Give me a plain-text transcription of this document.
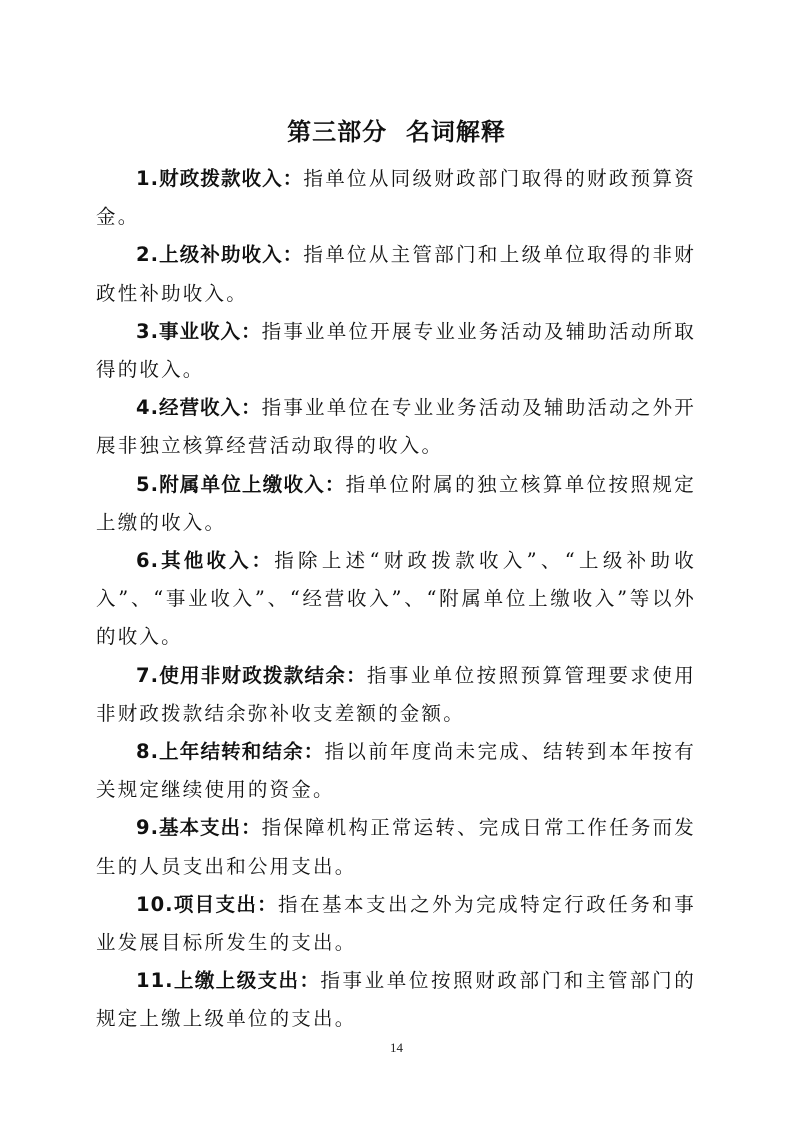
第三部分  名词解释

1.财政拨款收入：指单位从同级财政部门取得的财政预算资金。

2.上级补助收入：指单位从主管部门和上级单位取得的非财政性补助收入。

3.事业收入：指事业单位开展专业业务活动及辅助活动所取得的收入。

4.经营收入：指事业单位在专业业务活动及辅助活动之外开展非独立核算经营活动取得的收入。

5.附属单位上缴收入：指单位附属的独立核算单位按照规定上缴的收入。

6.其他收入：指除上述“财政拨款收入”、“上级补助收入”、“事业收入”、“经营收入”、“附属单位上缴收入”等以外的收入。

7.使用非财政拨款结余：指事业单位按照预算管理要求使用非财政拨款结余弥补收支差额的金额。

8.上年结转和结余：指以前年度尚未完成、结转到本年按有关规定继续使用的资金。

9.基本支出：指保障机构正常运转、完成日常工作任务而发生的人员支出和公用支出。

10.项目支出：指在基本支出之外为完成特定行政任务和事业发展目标所发生的支出。

11.上缴上级支出：指事业单位按照财政部门和主管部门的规定上缴上级单位的支出。

14
